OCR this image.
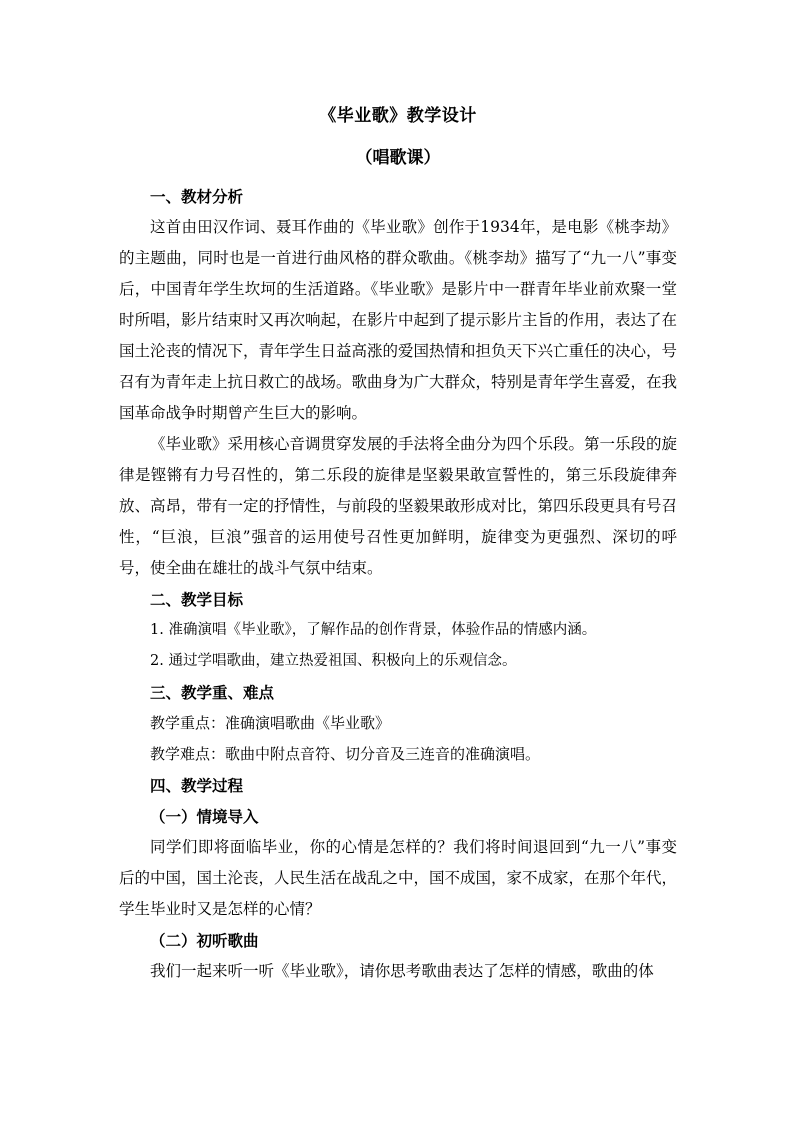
《毕业歌》教学设计

（唱歌课）

一、教材分析

这首由田汉作词、聂耳作曲的《毕业歌》创作于1934年，是电影《桃李劫》的主题曲，同时也是一首进行曲风格的群众歌曲。《桃李劫》描写了“九一八”事变后，中国青年学生坎坷的生活道路。《毕业歌》是影片中一群青年毕业前欢聚一堂时所唱，影片结束时又再次响起，在影片中起到了提示影片主旨的作用，表达了在国土沦丧的情况下，青年学生日益高涨的爱国热情和担负天下兴亡重任的决心，号召有为青年走上抗日救亡的战场。歌曲身为广大群众，特别是青年学生喜爱，在我国革命战争时期曾产生巨大的影响。

《毕业歌》采用核心音调贯穿发展的手法将全曲分为四个乐段。第一乐段的旋律是铿锵有力号召性的，第二乐段的旋律是坚毅果敢宣誓性的，第三乐段旋律奔放、高昂，带有一定的抒情性，与前段的坚毅果敢形成对比，第四乐段更具有号召性，“巨浪，巨浪”强音的运用使号召性更加鲜明，旋律变为更强烈、深切的呼号，使全曲在雄壮的战斗气氛中结束。

二、教学目标

1. 准确演唱《毕业歌》，了解作品的创作背景，体验作品的情感内涵。

2. 通过学唱歌曲，建立热爱祖国、积极向上的乐观信念。

三、教学重、难点

教学重点：准确演唱歌曲《毕业歌》

教学难点：歌曲中附点音符、切分音及三连音的准确演唱。

四、教学过程

（一）情境导入

同学们即将面临毕业，你的心情是怎样的？我们将时间退回到“九一八”事变后的中国，国土沦丧，人民生活在战乱之中，国不成国，家不成家，在那个年代，学生毕业时又是怎样的心情？

（二）初听歌曲

我们一起来听一听《毕业歌》，请你思考歌曲表达了怎样的情感，歌曲的体
